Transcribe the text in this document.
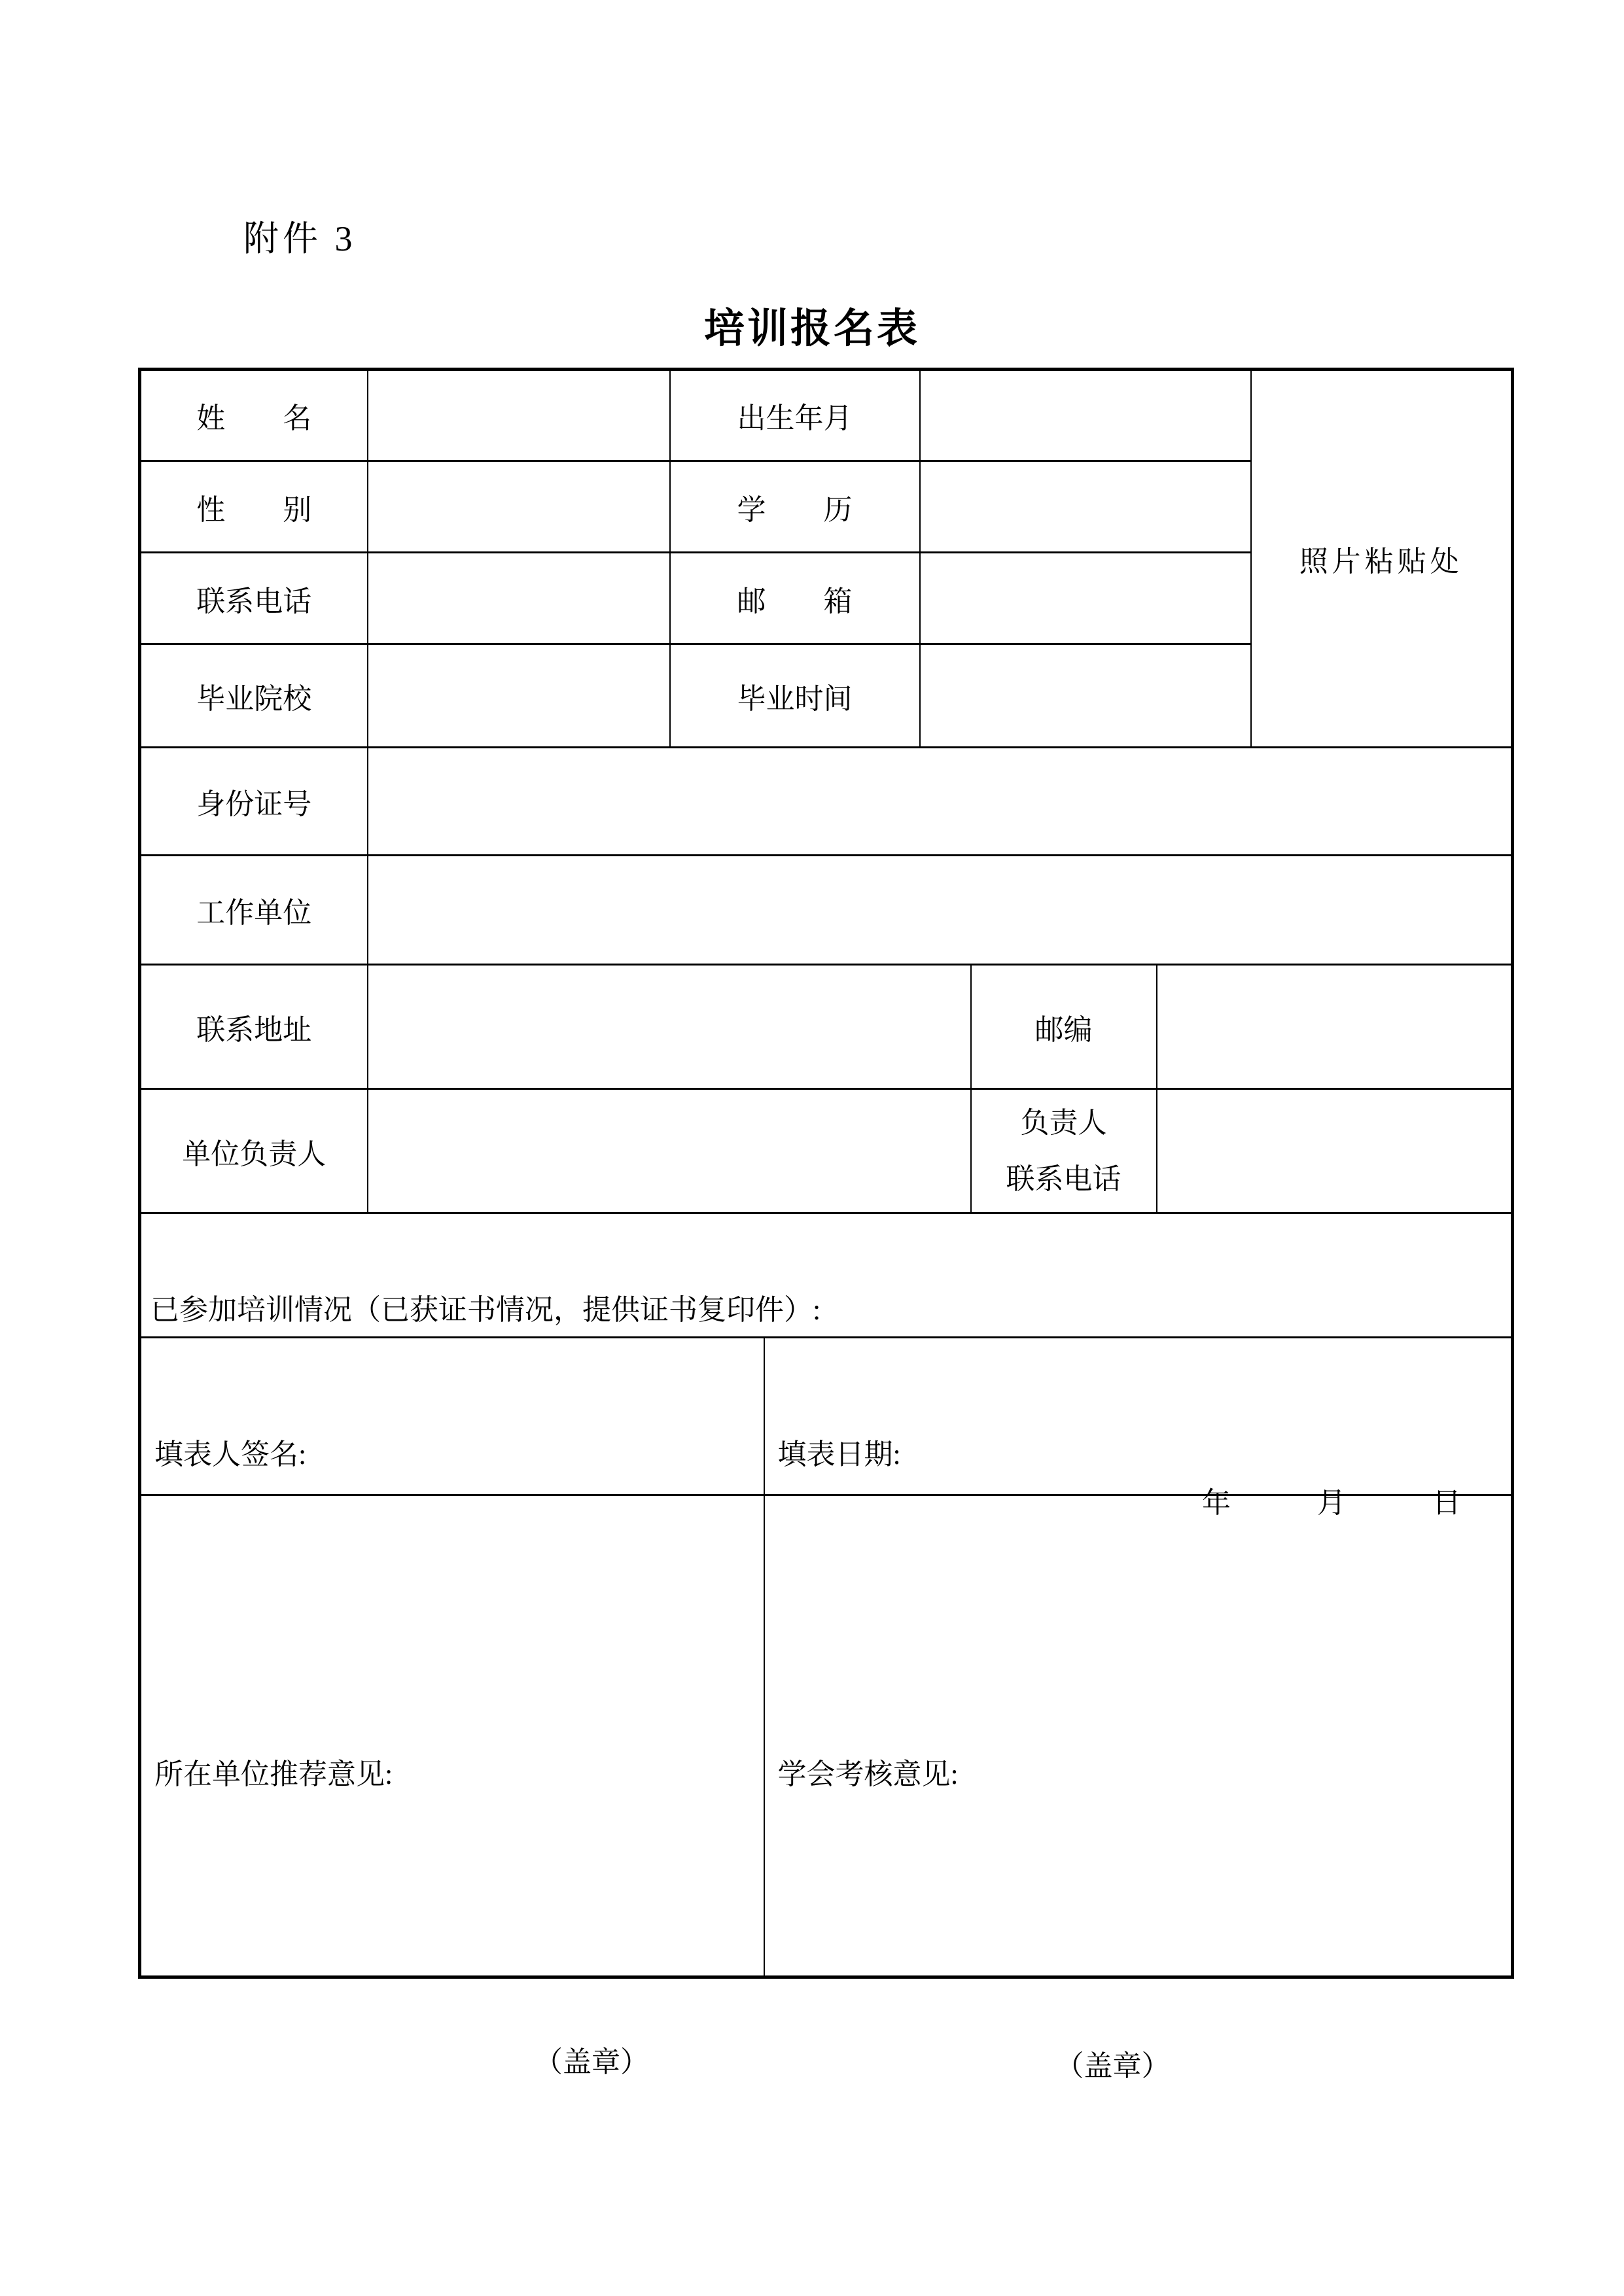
附件 3
培训报名表
姓　　名		出生年月					照片粘贴处
性　　别		学　　历					
联系电话		邮　　箱					
毕业院校		毕业时间					
身份证号							
工作单位							
联系地址					邮编		
单位负责人					负责人
联系电话		

已参加培训情况（已获证书情况，提供证书复印件）:							

填表人签名:			填表日期:
年　　　月　　　日				

所在单位推荐意见:
（盖章）

学会考核意见:
（盖章）
